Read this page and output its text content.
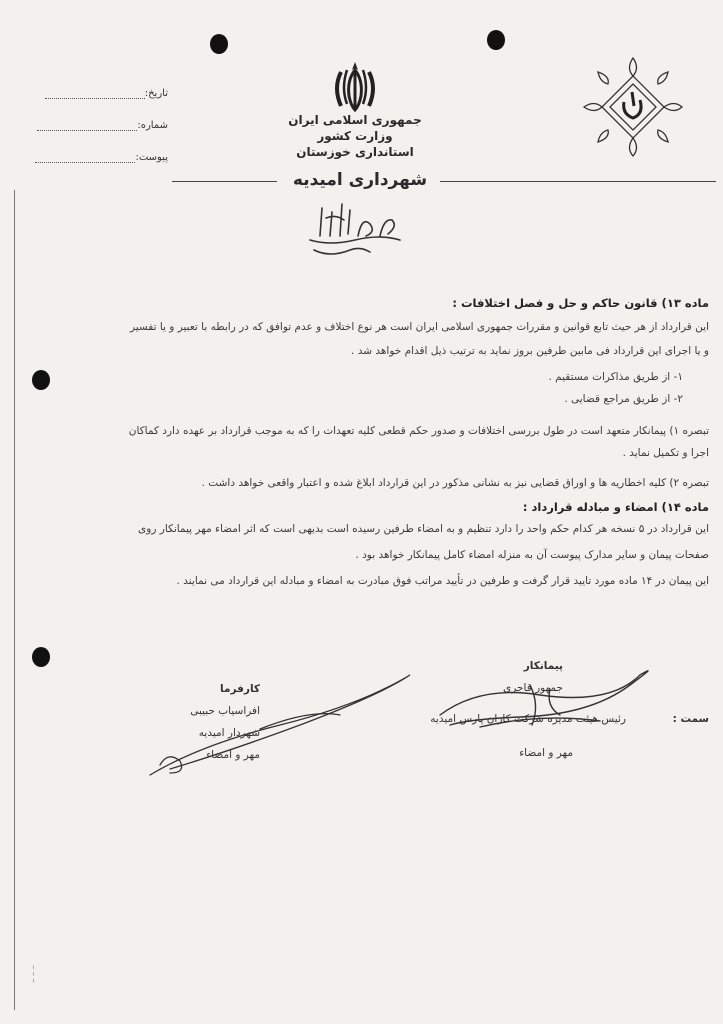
تاریخ:
شماره:
پیوست:
جمهوری اسلامی ایران
وزارت کشور
استانداری خوزستان
شهرداری امیدیه
ماده ۱۳) قانون حاکم و حل و فصل اختلافات :
این قرارداد از هر حیث تابع قوانین و مقررات جمهوری اسلامی ایران است هر نوع اختلاف و عدم توافق که در رابطه با تعبیر و یا تفسیر
و یا اجرای این قرارداد فی مابین طرفین بروز نماید به ترتیب ذیل اقدام خواهد شد .
۱- از طریق مذاکرات مستقیم .
۲- از طریق مراجع قضایی .
تبصره ۱) پیمانکار متعهد است در طول بررسی اختلافات و صدور حکم قطعی کلیه تعهدات را که به موجب قرارداد بر عهده دارد کماکان
اجرا و تکمیل نماید .
تبصره ۲) کلیه اخطاریه ها و اوراق قضایی نیز به نشانی مذکور در این قرارداد ابلاغ شده و اعتبار واقعی خواهد داشت .
ماده ۱۴) امضاء و مبادله قرارداد :
این قرارداد در ۵ نسخه هر کدام حکم واحد را دارد تنظیم و به امضاء طرفین رسیده است بدیهی است که اثر امضاء مهر پیمانکار روی
صفحات پیمان و سایر مدارک پیوست آن به منزله امضاء کامل پیمانکار خواهد بود .
این پیمان در ۱۴ ماده مورد تایید قرار گرفت و طرفین در تأیید مراتب فوق مبادرت به امضاء و مبادله این قرارداد می نمایند .
پیمانکار
جمهور قاجری
سمت :  رئیس هیئت مدیره شرکت کاران پارس امیدیه
مهر و امضاء
کارفرما
افراسیاب حبیبی
شهردار امیدیه
مهر و امضاء
‒ ‒ ‒
